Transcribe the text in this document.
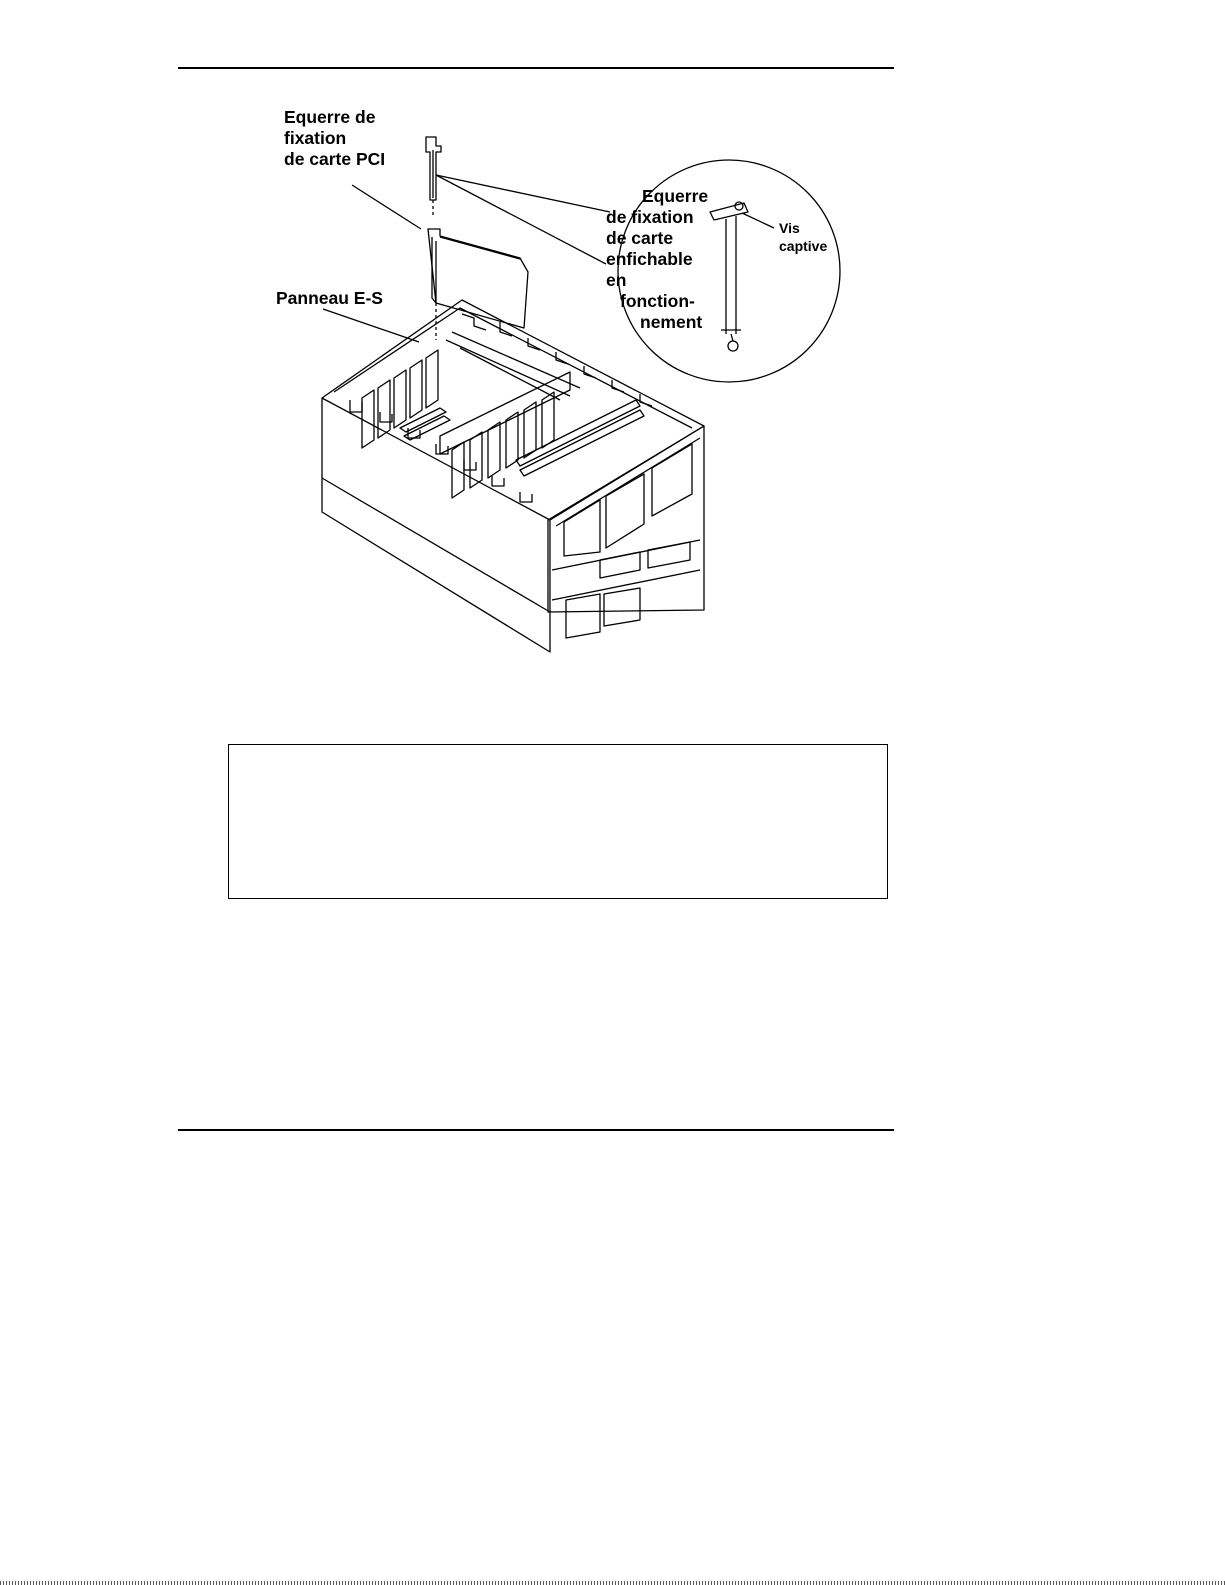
Equerre de
fixation
de carte PCI
Panneau E-S
Equerre
de fixation
de carte
enfichable
en
fonction-
nement
Vis
captive
